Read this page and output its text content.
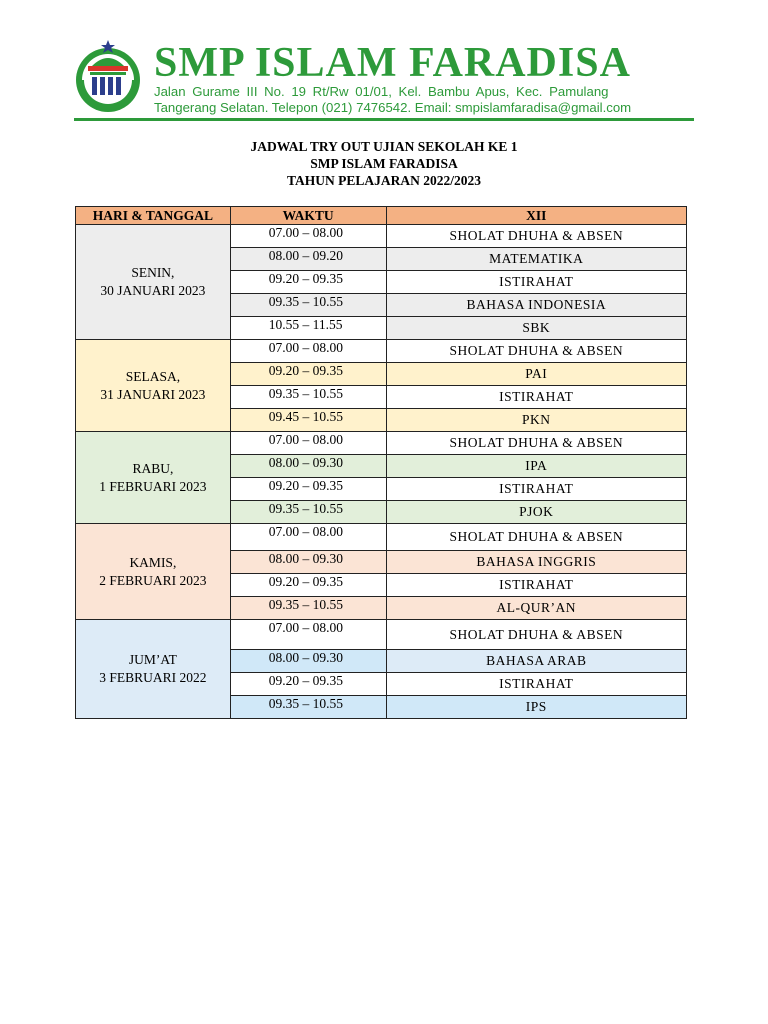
SMP ISLAM FARADISA
Jalan Gurame III No. 19 Rt/Rw 01/01, Kel. Bambu Apus, Kec. Pamulang
Tangerang Selatan. Telepon (021) 7476542. Email: smpislamfaradisa@gmail.com
JADWAL TRY OUT UJIAN SEKOLAH KE 1
SMP ISLAM FARADISA
TAHUN PELAJARAN 2022/2023
HARI & TANGGAL	WAKTU	XII

SENIN,
30 JANUARI 2023	07.00 – 08.00	SHOLAT DHUHA & ABSEN
	08.00 – 09.20	MATEMATIKA
	09.20 – 09.35	ISTIRAHAT
	09.35 – 10.55	BAHASA INDONESIA
	10.55 – 11.55	SBK

SELASA,
31 JANUARI 2023	07.00 – 08.00	SHOLAT DHUHA & ABSEN
	09.20 – 09.35	PAI
	09.35 – 10.55	ISTIRAHAT
	09.45 – 10.55	PKN

RABU,
1 FEBRUARI 2023	07.00 – 08.00	SHOLAT DHUHA & ABSEN
	08.00 – 09.30	IPA
	09.20 – 09.35	ISTIRAHAT
	09.35 – 10.55	PJOK

KAMIS,
2 FEBRUARI 2023	07.00 – 08.00	SHOLAT DHUHA & ABSEN
	08.00 – 09.30	BAHASA INGGRIS
	09.20 – 09.35	ISTIRAHAT
	09.35 – 10.55	AL-QUR’AN

JUM’AT
3 FEBRUARI 2022	07.00 – 08.00	SHOLAT DHUHA & ABSEN
	08.00 – 09.30	BAHASA ARAB
	09.20 – 09.35	ISTIRAHAT
	09.35 – 10.55	IPS
